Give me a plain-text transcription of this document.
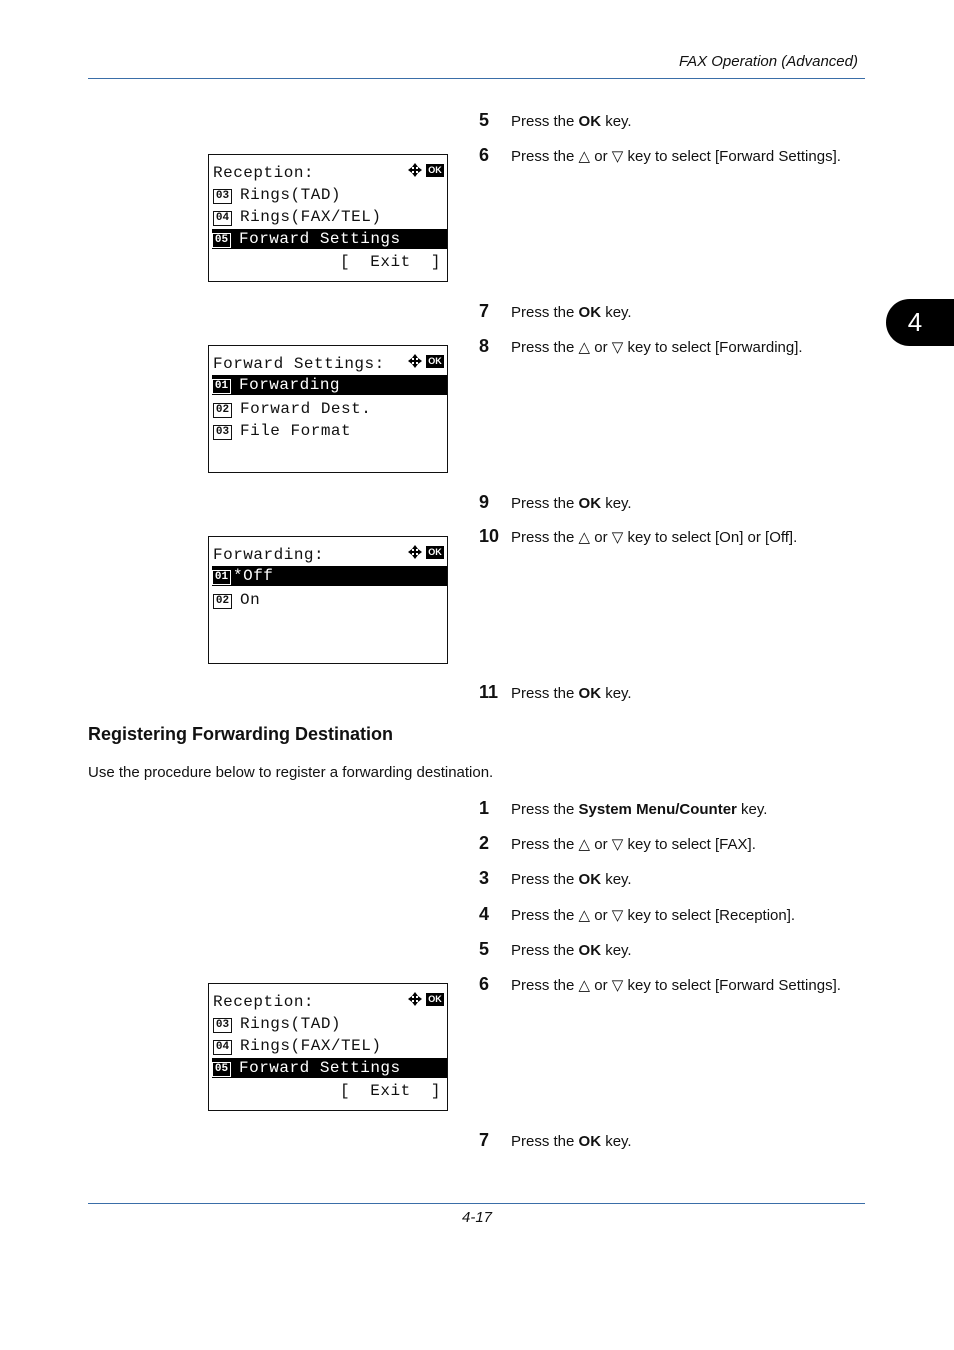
FAX Operation (Advanced)
4
5	Press the OK key.
6	Press the △ or ▽ key to select [Forward Settings].
7	Press the OK key.
8	Press the △ or ▽ key to select [Forwarding].
9	Press the OK key.
10 Press the △ or ▽ key to select [On] or [Off].
11 Press the OK key.
Registering Forwarding Destination
Use the procedure below to register a forwarding destination.
1	Press the System Menu/Counter key.
2	Press the △ or ▽ key to select [FAX].
3	Press the OK key.
4	Press the △ or ▽ key to select [Reception].
5	Press the OK key.
6	Press the △ or ▽ key to select [Forward Settings].
7	Press the OK key.
Reception:	OK
03 Rings(TAD)
04 Rings(FAX/TEL)
05 Forward Settings
[  Exit  ]
Forward Settings:	OK
01 Forwarding
02 Forward Dest.
03 File Format
Forwarding:	OK
01 *Off
02 On
Reception:	OK
03 Rings(TAD)
04 Rings(FAX/TEL)
05 Forward Settings
[  Exit  ]
4-17
